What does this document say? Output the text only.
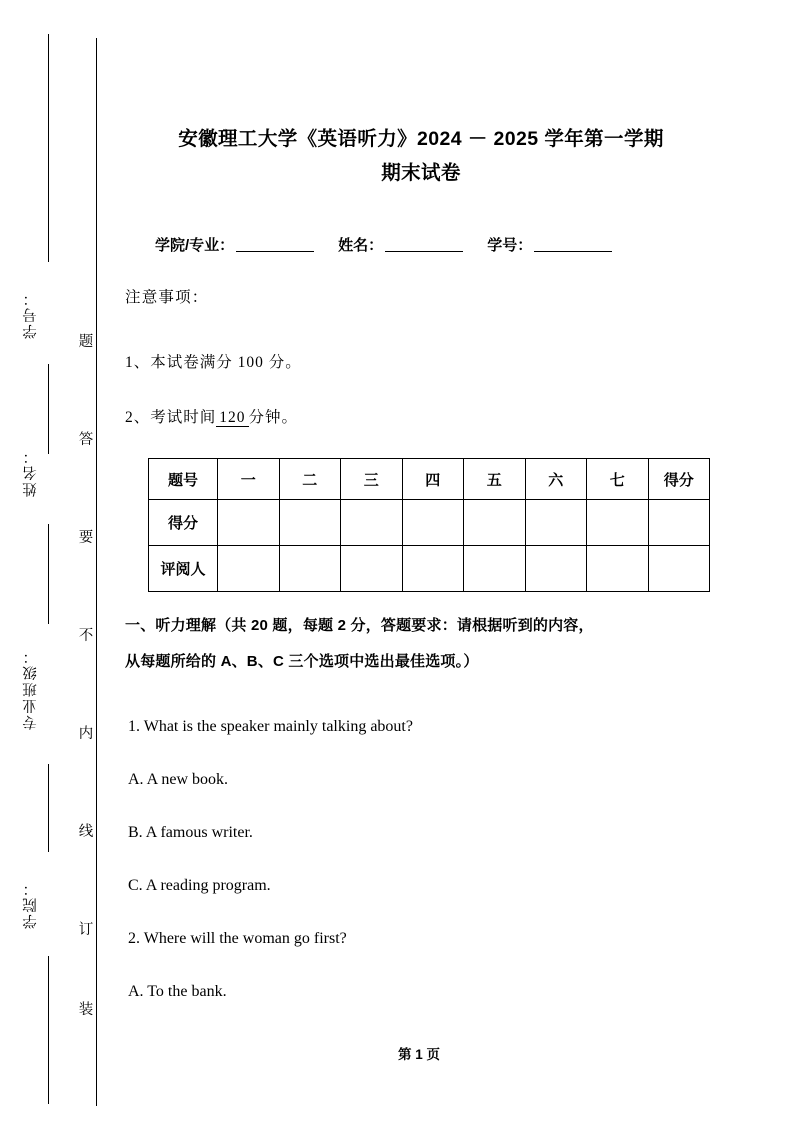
学号：
姓名：
专业班级：
学院：
题
答
要
不
内
线
订
装
安徽理工大学《英语听力》2024 － 2025 学年第一学期
期末试卷
学院/专业：	姓名：	学号：
注意事项：
1、本试卷满分 100 分。
2、考试时间 120 分钟。
题号	一	二	三	四	五	六	七	得分
得分								
评阅人								
一、听力理解（共 20 题，每题 2 分，答题要求：请根据听到的内容，
从每题所给的 A、B、C 三个选项中选出最佳选项。）
1. What is the speaker mainly talking about?
A. A new book.
B. A famous writer.
C. A reading program.
2. Where will the woman go first?
A. To the bank.
第 1 页
